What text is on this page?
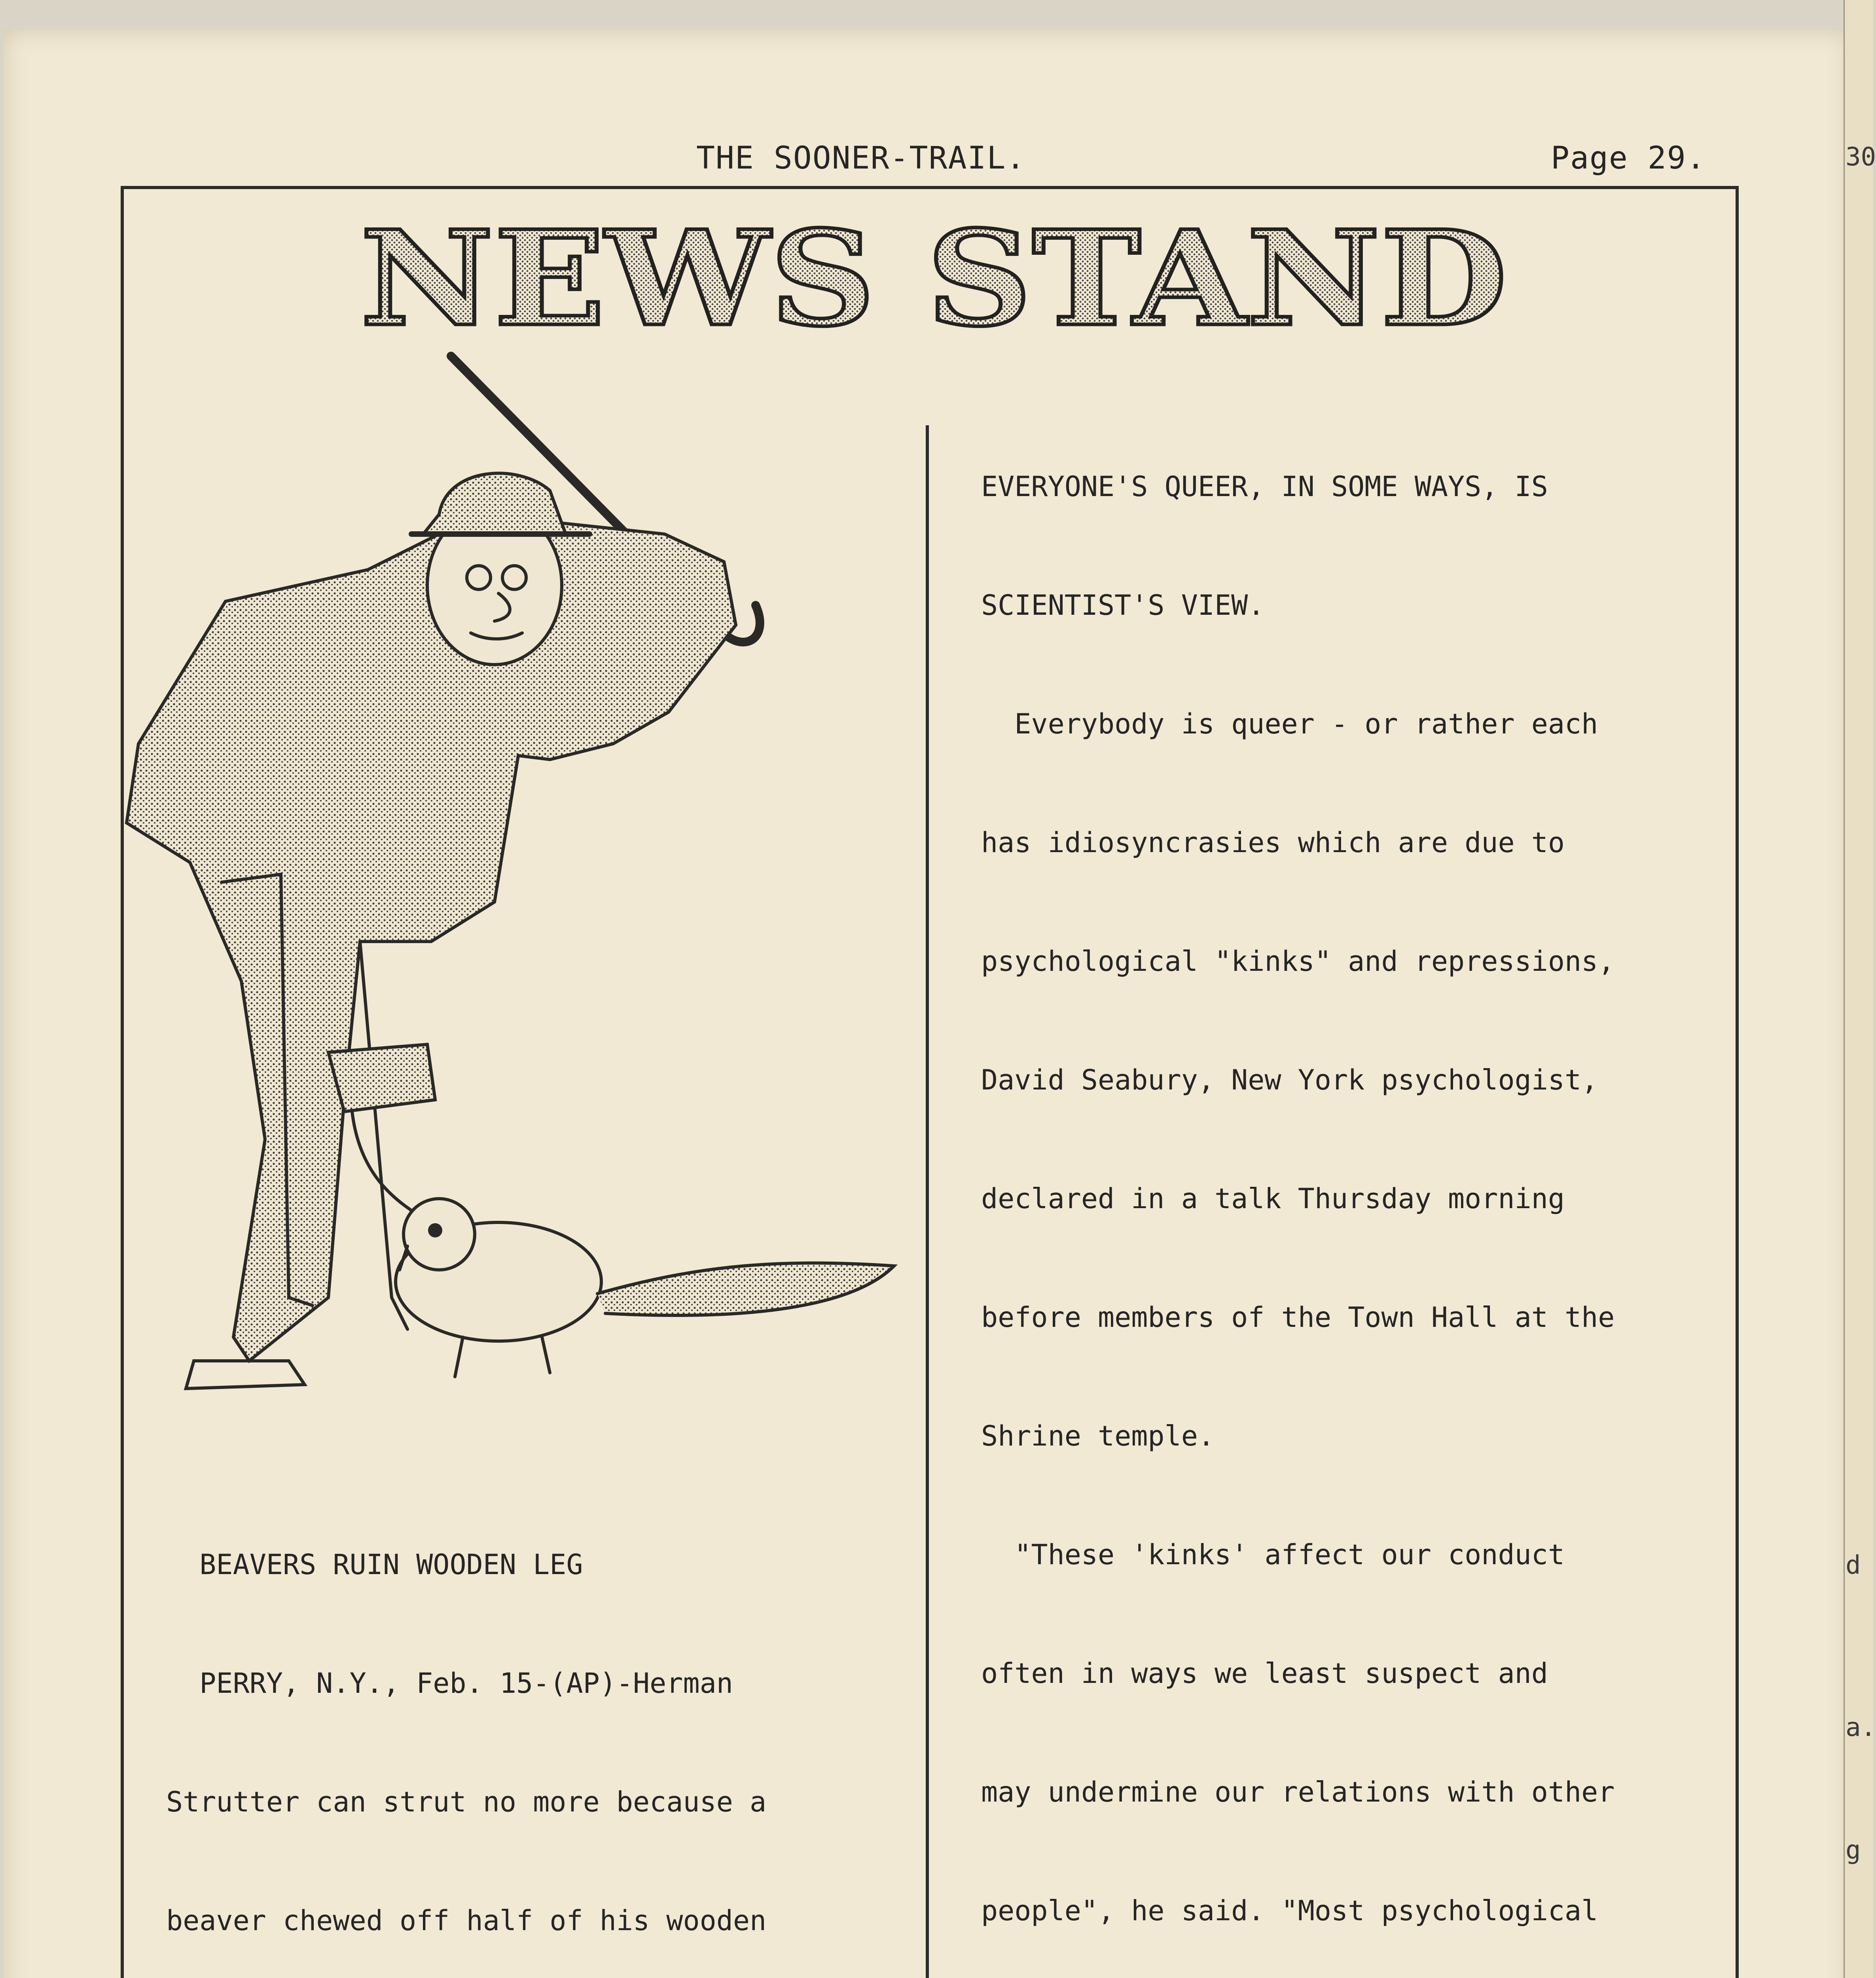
30
d
a.
g
THE SOONER-TRAIL.	Page 29.
NEWS STAND

BEAVERS RUIN WOODEN LEG

PERRY, N.Y., Feb. 15-(AP)-Herman

Strutter can strut no more because a

beaver chewed off half of his wooden

EVERYONE'S QUEER, IN SOME WAYS, IS

SCIENTIST'S VIEW.

Everybody is queer - or rather each

has idiosyncrasies which are due to

psychological "kinks" and repressions,

David Seabury, New York psychologist,

declared in a talk Thursday morning

before members of the Town Hall at the

Shrine temple.

"These 'kinks' affect our conduct

often in ways we least suspect and

may undermine our relations with other

people", he said. "Most psychological
